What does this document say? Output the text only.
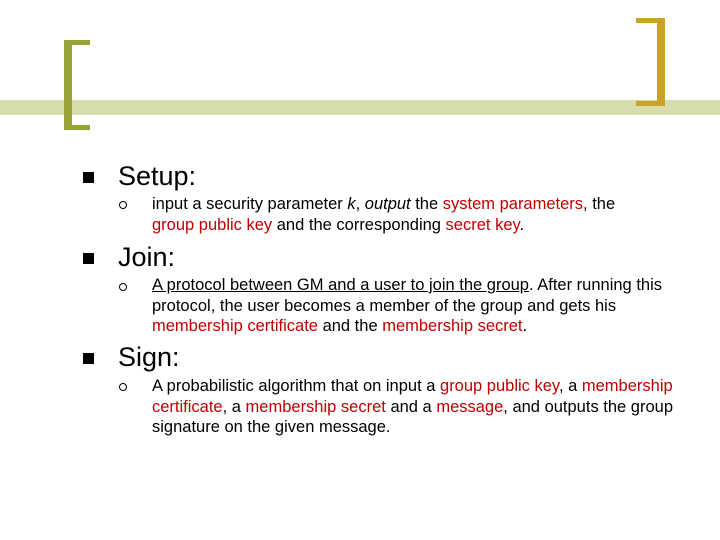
Setup:
input a security parameter k, output the system parameters, the
group public key and the corresponding secret key.
Join:
A protocol between GM and a user to join the group. After running this protocol, the user becomes a member of the group and gets his membership certificate and the membership secret.
Sign:
A probabilistic algorithm that on input a group public key, a membership certificate, a membership secret and a message, and outputs the group signature on the given message.
